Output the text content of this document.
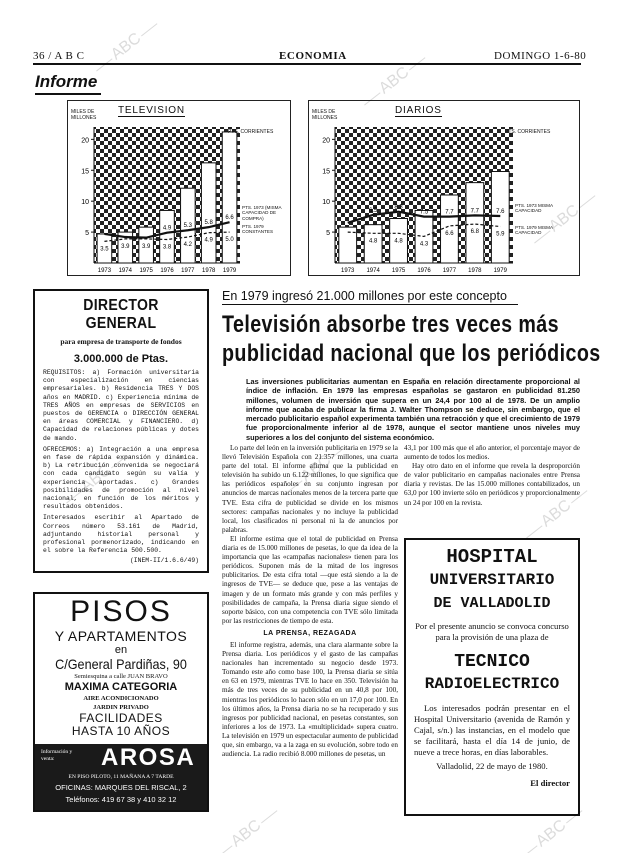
36 / A B C	ECONOMIA	DOMINGO 1-6-80
Informe
TELEVISION
MILES DE MILLONES
5
10
15
20
1973
3.5
1974
3.9
1975
3.9
1976
3.8
4.9
1977
4.2
5.3
1978
4.9
5.8
1979
5.0
6.6
PTS. CORRIENTES
PTS. 1973 (MISMA CAPACIDAD DE COMPRA)
PTS. 1979 CONSTANTES
DIARIOS
MILES DE MILLONES
5
10
15
20
1973 1974
4.8
6.5
1975
4.8
8.3
1976
4.3
7.5
1977
6.6
7.7
1978
6.8
7.7
1979
5.9
7.6
PTS. CORRIENTES
PTS. 1973 MISMA CAPACIDAD
PTS. 1979 MISMA CAPACIDAD
DIRECTOR GENERAL
para empresa de transporte de fondos
3.000.000 de Ptas.
REQUISITOS: a) Formación universitaria con especialización en ciencias empresariales. b) Residencia TRES Y DOS años en MADRID. c) Experiencia mínima de TRES AÑOS en empresas de SERVICIOS en puestos de GERENCIA o DIRECCIÓN GENERAL en áreas COMERCIAL y FINANCIERO. d) Capacidad de relaciones públicas y dotes de mando.
OFRECEMOS: a) Integración a una empresa en fase de rápida expansión y dinámica. b) La retribución convenida se negociará con cada candidato según su valía y experiencia aportadas. c) Grandes posibilidades de promoción al nivel nacional, en función de los méritos y resultados obtenidos.
Interesados escribir al Apartado de Correos número 53.161 de Madrid, adjuntando historial personal y profesional pormenorizado, indicando en el sobre la Referencia 500.500.
(INEM-II/1.6.6/49)
PISOS
Y APARTAMENTOS
en
C/General Pardiñas, 90
Semiesquina a calle JUAN BRAVO
MAXIMA CATEGORIA
AIRE ACONDICIONADO
JARDIN PRIVADO
FACILIDADES
HASTA 10 AÑOS
Información y venta:	AROSA
EN PISO PILOTO, 11 MAÑANA A 7 TARDE
OFICINAS: MARQUES DEL RISCAL, 2
Teléfonos: 419 67 38 y 410 32 12
En 1979 ingresó 21.000 millones por este concepto
Televisión absorbe tres veces más
publicidad nacional que los periódicos
Las inversiones publicitarias aumentan en España en relación directamente proporcional al índice de inflación. En 1979 las empresas españolas se gastaron en publicidad 81.250 millones, volumen de inversión que supera en un 24,4 por 100 al de 1978. De un amplio informe que acaba de publicar la firma J. Walter Thompson se deduce, sin embargo, que el mercado publicitario español experimenta también una retracción y que el crecimiento de 1979 fue proporcionalmente inferior al de 1978, aunque el sector mantiene unos niveles muy superiores a los del conjunto del sistema económico.

Lo parte del león en la inversión publicitaria en 1979 se la llevó Televisión Española con 21.357 millones, una cuarta parte del total. El informe afirma que la publicidad en televisión ha subido un 6.122 millones, lo que significa que las periódicos españoles en su conjunto ingresan por anuncios de marcas nacionales menos de la tercera parte que TVE. Esta cifra de publicidad se divide en los mismos sectores: campañas nacionales y no incluye la publicidad local, los clasificados ni personal ni la de anuncios por palabras.

El informe estima que el total de publicidad en Prensa diaria es de 15.000 millones de pesetas, lo que da idea de la importancia que las «campañas nacionales» tienen para los periódicos. Suponen más de la mitad de los ingresos publicitarios. De esta cifra total —que está siendo a la de ingresos de TVE— se deduce que, pese a las ventajas de imagen y de un formato más grande y con más perfiles y posibilidades de campaña, la Prensa diaria sigue siendo el soporte básico, con una competencia con TVE sólo limitada por las restricciones de tiempo de esta.

LA PRENSA, REZAGADA

El informe registra, además, una clara alarmante sobre la Prensa diaria. Los periódicos y el gasto de las campañas nacionales han incrementado su negocio desde 1973. Tomando este año como base 100, la Prensa diaria se sitúa en 63 en 1979, mientras TVE lo hace en 350. Televisión ha más de tres veces de su publicidad en un 40,8 por 100, mientras los periódicos lo hacen sólo en un 17,0 por 100. En los últimos años, la Prensa diaria no se ha recuperado y sus ingresos por publicidad nacional, en pesetas constantes, son inferiores a los de 1973. La «multiplicidad» supera cuatro. La televisión en 1979 un espectacular aumento de publicidad que, sin embargo, va a la zaga en su evolución, sobre todo en audiencia. La radio recibió 8.000 millones de pesetas, un

43,1 por 100 más que el año anterior, el porcentaje mayor de aumento de todos los medios.

Hay otro dato en el informe que revela la desproporción de valor publicitario en campañas nacionales entre Prensa diaria y revistas. De las 15.000 millones contabilizados, un 63,0 por 100 invierte sólo en periódicos y proporcionalmente un 24 por 100 en la revista.

HOSPITAL
UNIVERSITARIO
DE VALLADOLID
Por el presente anuncio se convoca concurso para la provisión de una plaza de
TECNICO
RADIOELECTRICO
Los interesados podrán presentar en el Hospital Universitario (avenida de Ramón y Cajal, s/n.) las instancias, en el modelo que se facilitará, hasta el día 14 de junio, de nueve a trece horas, en días laborables.
Valladolid, 22 de mayo de 1980.
El director
ABC
ABC
ABC
ABC
ABC	ABC
